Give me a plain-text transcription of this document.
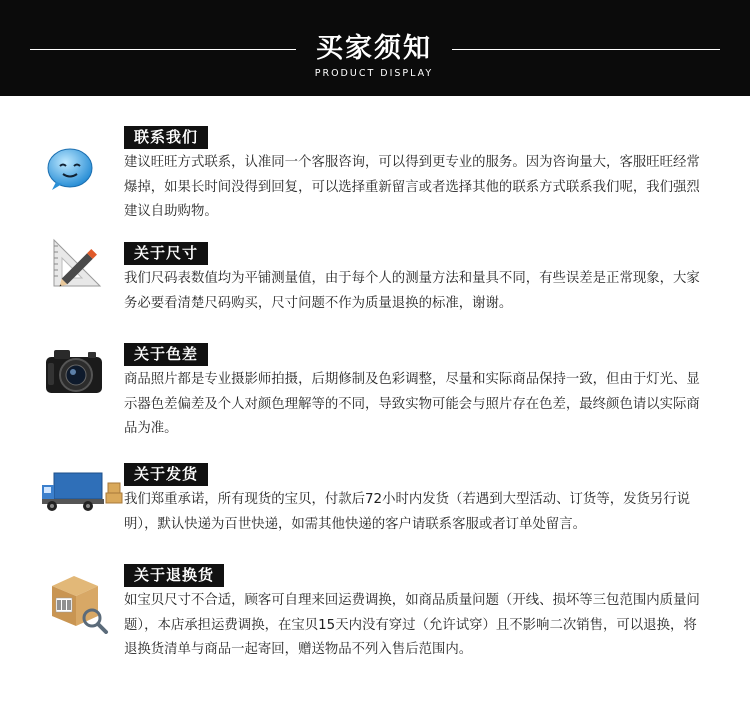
买家须知
PRODUCT DISPLAY
联系我们
建议旺旺方式联系，认准同一个客服咨询，可以得到更专业的服务。因为咨询量大，客服旺旺经常爆掉，如果长时间没得到回复，可以选择重新留言或者选择其他的联系方式联系我们呢，我们强烈建议自助购物。
关于尺寸
我们尺码表数值均为平铺测量值，由于每个人的测量方法和量具不同，有些误差是正常现象，大家务必要看清楚尺码购买，尺寸问题不作为质量退换的标准，谢谢。
关于色差
商品照片都是专业摄影师拍摄，后期修制及色彩调整，尽量和实际商品保持一致，但由于灯光、显示器色差偏差及个人对颜色理解等的不同，导致实物可能会与照片存在色差，最终颜色请以实际商品为准。
关于发货
我们郑重承诺，所有现货的宝贝，付款后72小时内发货（若遇到大型活动、订货等，发货另行说明），默认快递为百世快递，如需其他快递的客户请联系客服或者订单处留言。
关于退换货
如宝贝尺寸不合适，顾客可自理来回运费调换，如商品质量问题（开线、损坏等三包范围内质量问题），本店承担运费调换，在宝贝15天内没有穿过（允许试穿）且不影响二次销售，可以退换，将退换货清单与商品一起寄回，赠送物品不列入售后范围内。
